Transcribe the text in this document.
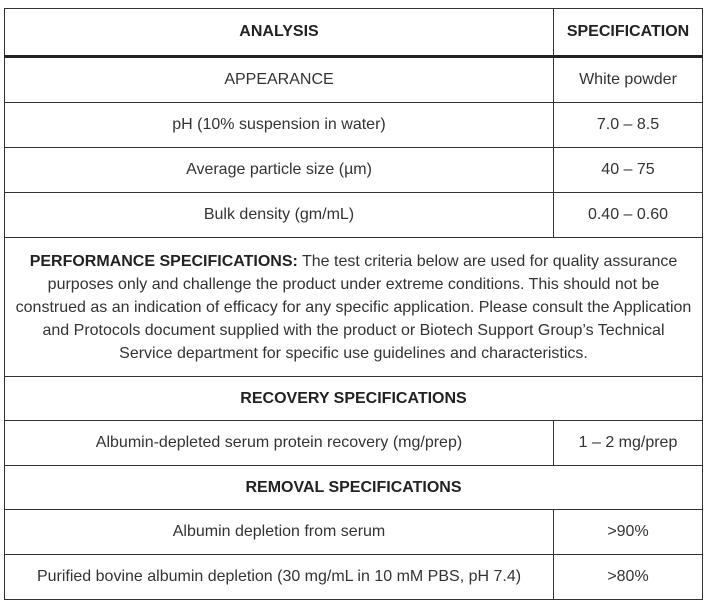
ANALYSIS	SPECIFICATION
APPEARANCE	White powder
pH (10% suspension in water)	7.0 – 8.5
Average particle size (µm)	40 – 75
Bulk density (gm/mL)	0.40 – 0.60
PERFORMANCE SPECIFICATIONS: The test criteria below are used for quality assurance purposes only and challenge the product under extreme conditions. This should not be construed as an indication of efficacy for any specific application. Please consult the Application and Protocols document supplied with the product or Biotech Support Group’s Technical Service department for specific use guidelines and characteristics.	
RECOVERY SPECIFICATIONS	
Albumin-depleted serum protein recovery (mg/prep)	1 – 2 mg/prep
REMOVAL SPECIFICATIONS	
Albumin depletion from serum	>90%
Purified bovine albumin depletion (30 mg/mL in 10 mM PBS, pH 7.4)	>80%
